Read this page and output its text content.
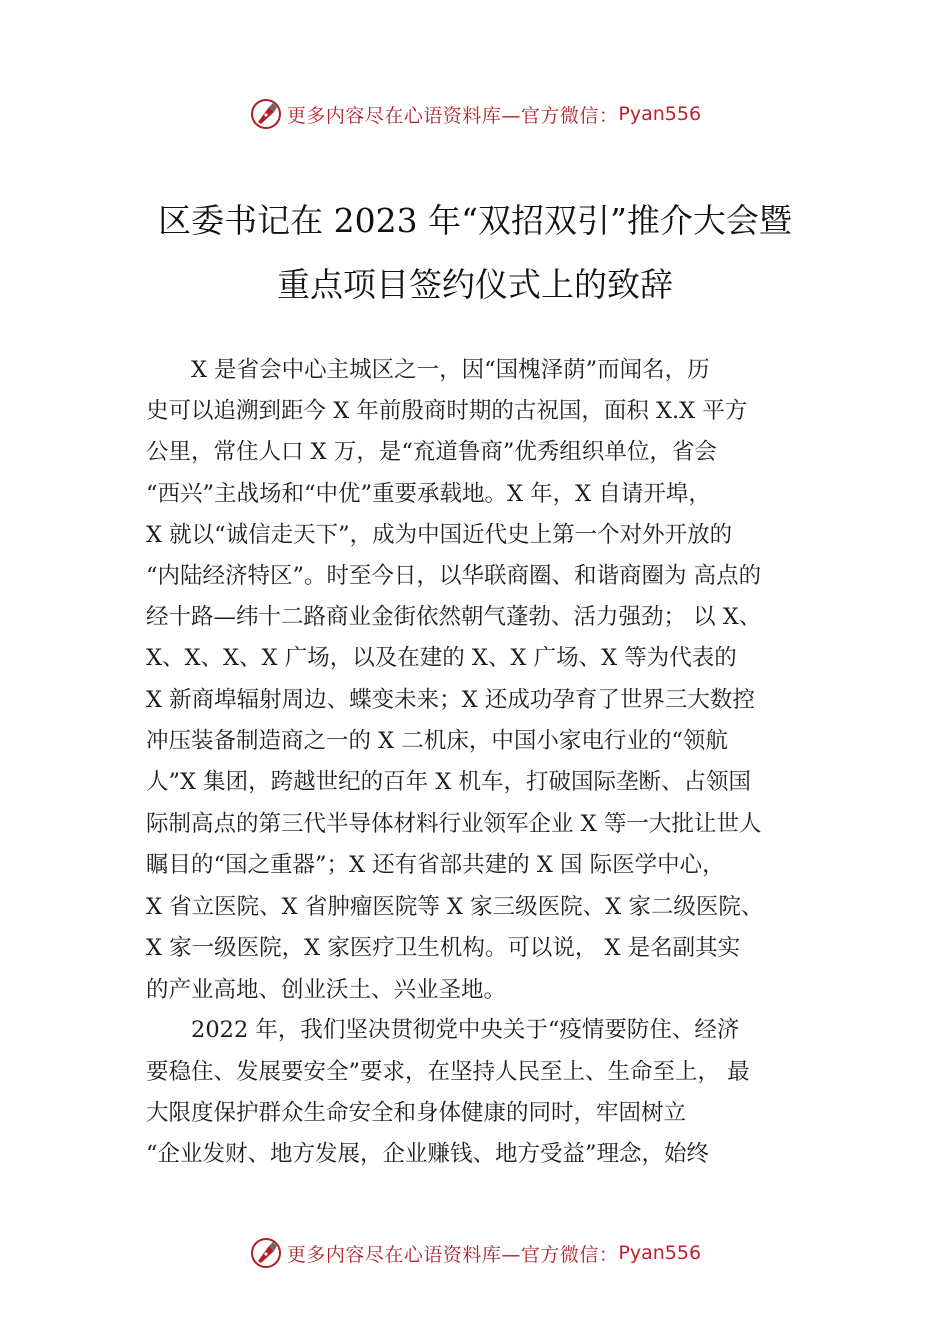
更多内容尽在心语资料库—官方微信： Pyan556
区委书记在 2023 年“双招双引”推介大会暨
重点项目签约仪式上的致辞
　　X 是省会中心主城区之一，因“国槐泽荫”而闻名，历
史可以追溯到距今 X 年前殷商时期的古祝国，面积 X.X 平方
公里，常住人口 X 万，是“㐬道鲁商”优秀组织单位，省会
“西兴”主战场和“中优”重要承载地。X 年，X 自请开埠，
X 就以“诚信走天下”，成为中国近代史上第一个对外开放的
“内陆经济特区”。时至今日，以华联商圈、和谐商圈为 高点的
经十路—纬十二路商业金街依然朝气蓬勃、活力强劲； 以 X、
X、X、X、X 广场，以及在建的 X、X 广场、X 等为代表的
X 新商埠辐射周边、蝶变未来；X 还成功孕育了世界三大数控
冲压装备制造商之一的 X 二机床，中国小家电行业的“领航
人”X 集团，跨越世纪的百年 X 机车，打破国际垄断、占领国
际制高点的第三代半导体材料行业领军企业 X 等一大批让世人
瞩目的“国之重器”；X 还有省部共建的 X 国 际医学中心，
X 省立医院、X 省肿瘤医院等 X 家三级医院、X 家二级医院、
X 家一级医院，X 家医疗卫生机构。可以说， X 是名副其实
的产业高地、创业沃土、兴业圣地。
　　2022 年，我们坚决贯彻党中央关于“疫情要防住、经济
要稳住、发展要安全”要求，在坚持人民至上、生命至上， 最
大限度保护群众生命安全和身体健康的同时，牢固树立
“企业发财、地方发展，企业赚钱、地方受益”理念，始终
更多内容尽在心语资料库—官方微信： Pyan556
